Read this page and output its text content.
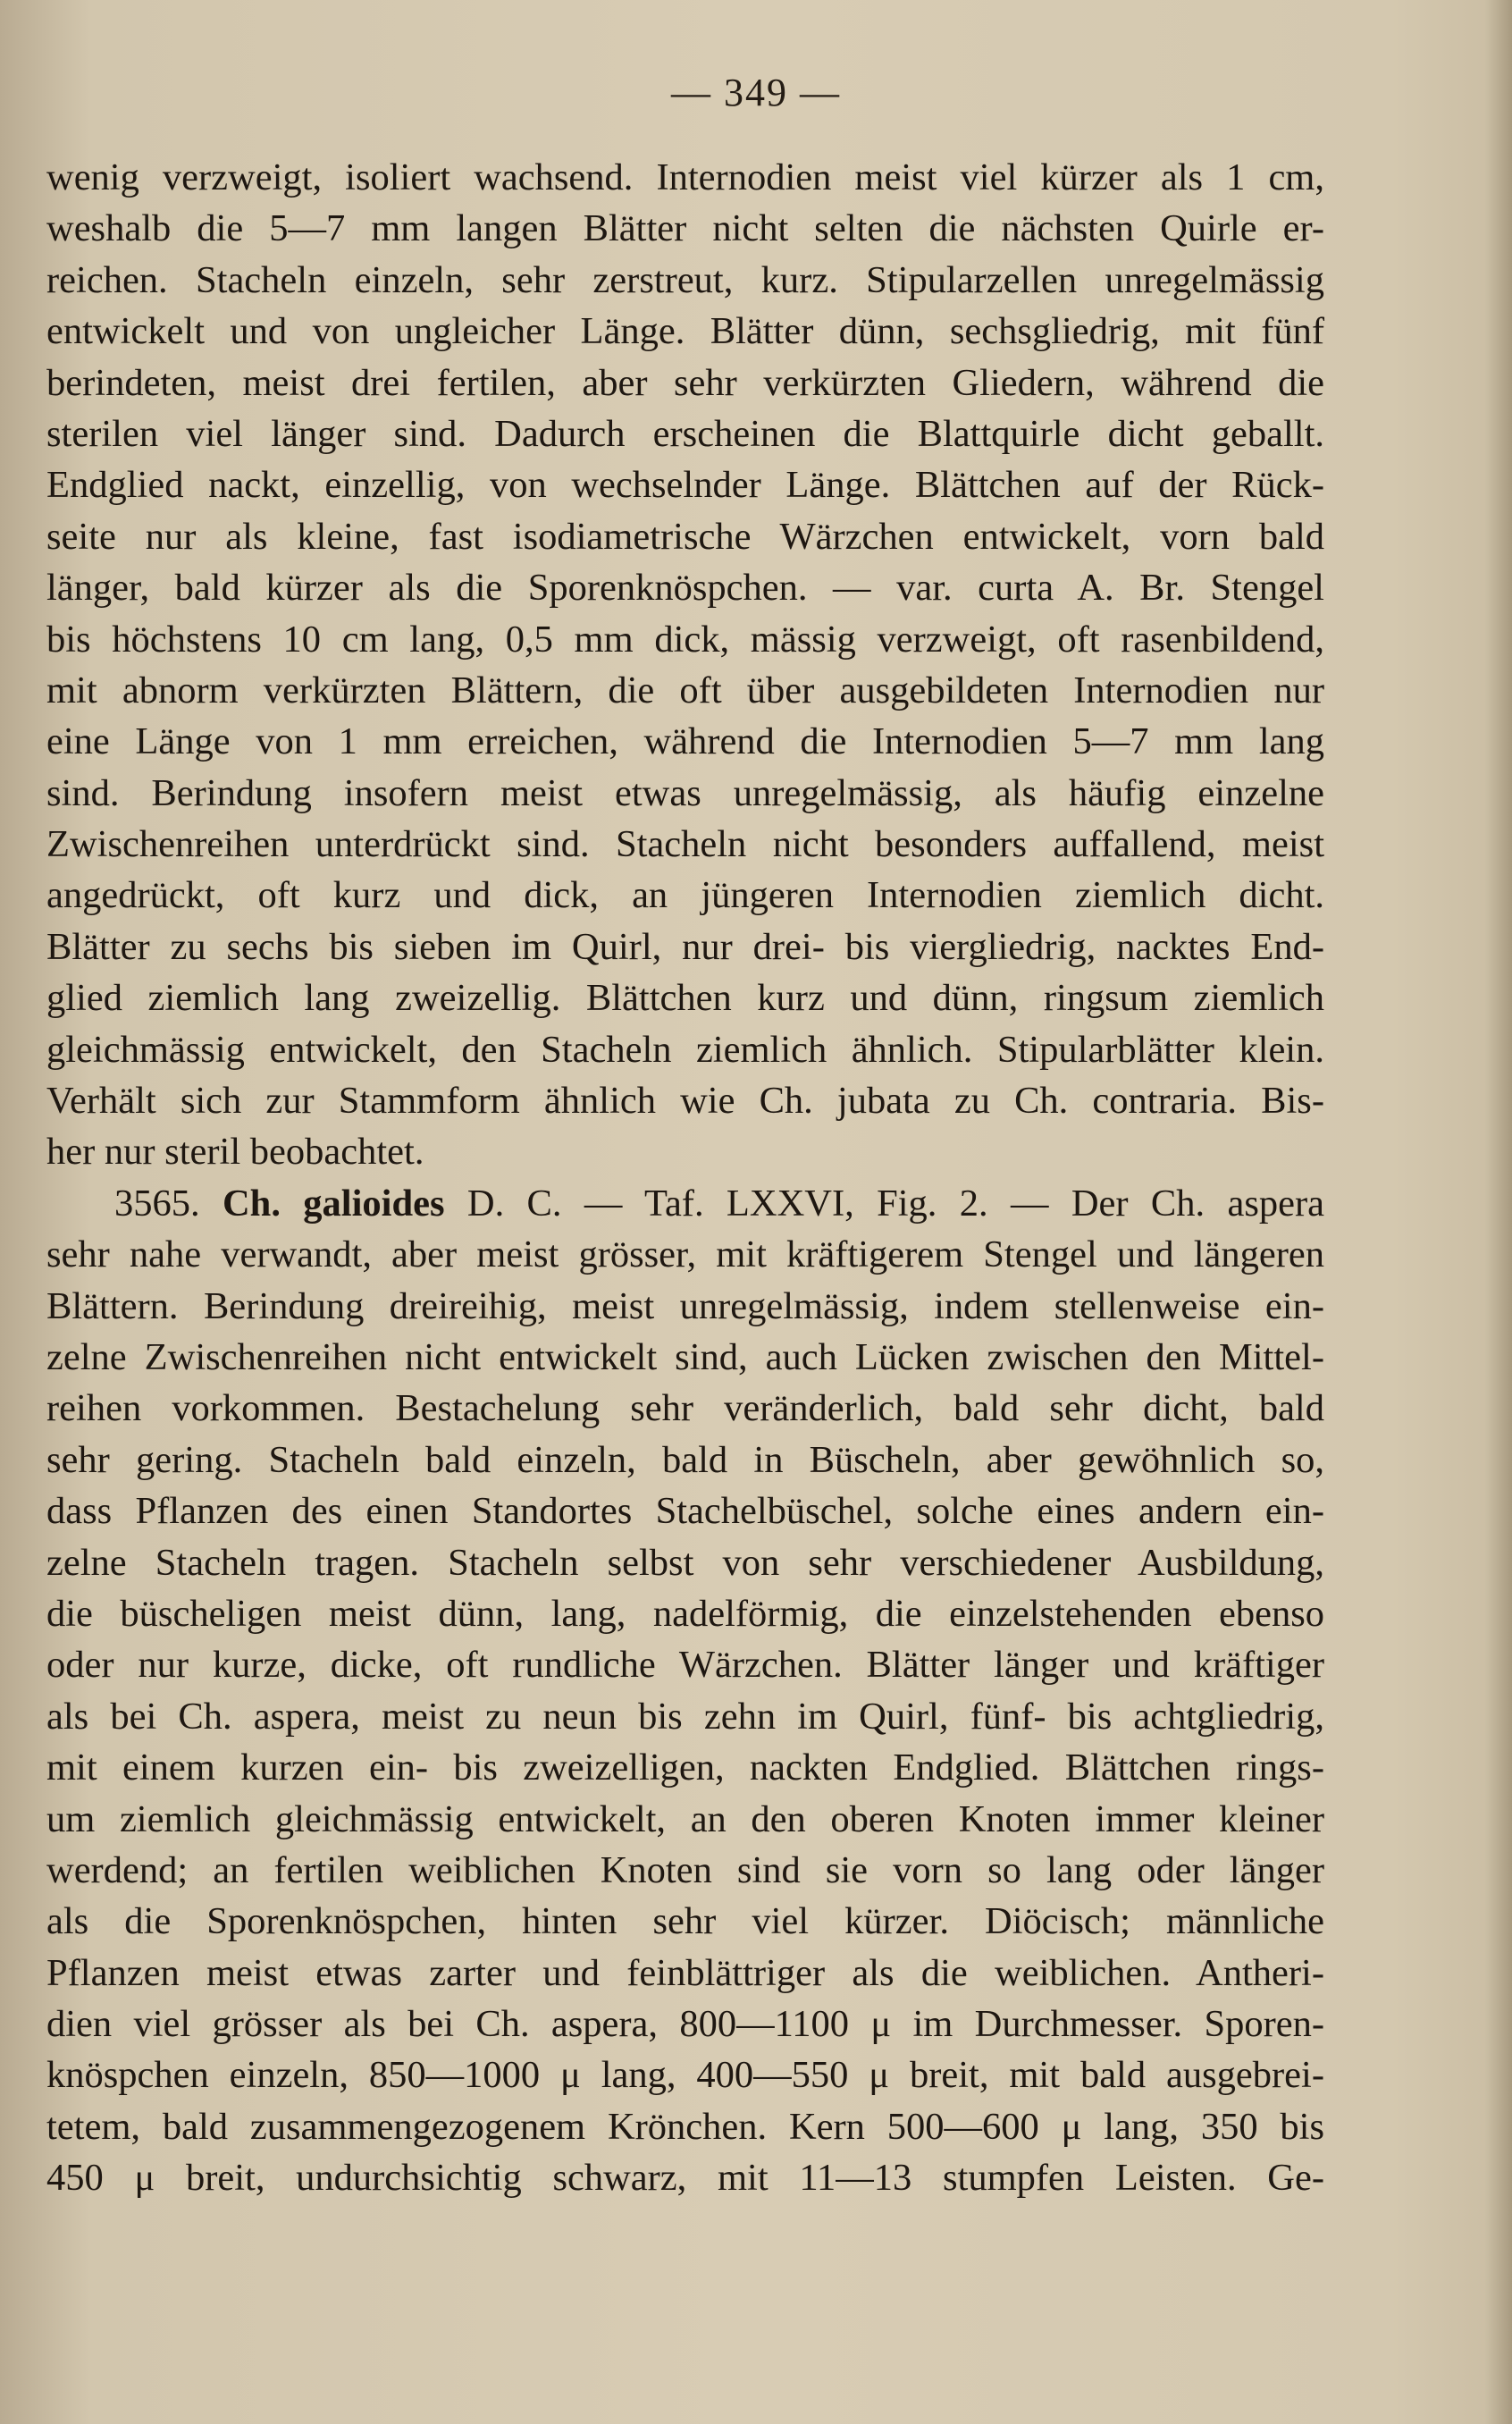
— 349 —
wenig verzweigt, isoliert wachsend. Internodien meist viel kürzer als 1 cm,
weshalb die 5—7 mm langen Blätter nicht selten die nächsten Quirle er-
reichen. Stacheln einzeln, sehr zerstreut, kurz. Stipularzellen unregelmässig
entwickelt und von ungleicher Länge. Blätter dünn, sechsgliedrig, mit fünf
berindeten, meist drei fertilen, aber sehr verkürzten Gliedern, während die
sterilen viel länger sind. Dadurch erscheinen die Blattquirle dicht geballt.
Endglied nackt, einzellig, von wechselnder Länge. Blättchen auf der Rück-
seite nur als kleine, fast isodiametrische Wärzchen entwickelt, vorn bald
länger, bald kürzer als die Sporenknöspchen. — var. curta A. Br. Stengel
bis höchstens 10 cm lang, 0,5 mm dick, mässig verzweigt, oft rasenbildend,
mit abnorm verkürzten Blättern, die oft über ausgebildeten Internodien nur
eine Länge von 1 mm erreichen, während die Internodien 5—7 mm lang
sind. Berindung insofern meist etwas unregelmässig, als häufig einzelne
Zwischenreihen unterdrückt sind. Stacheln nicht besonders auffallend, meist
angedrückt, oft kurz und dick, an jüngeren Internodien ziemlich dicht.
Blätter zu sechs bis sieben im Quirl, nur drei- bis viergliedrig, nacktes End-
glied ziemlich lang zweizellig. Blättchen kurz und dünn, ringsum ziemlich
gleichmässig entwickelt, den Stacheln ziemlich ähnlich. Stipularblätter klein.
Verhält sich zur Stammform ähnlich wie Ch. jubata zu Ch. contraria. Bis-
her nur steril beobachtet.
3565. Ch. galioides D. C. — Taf. LXXVI, Fig. 2. — Der Ch. aspera
sehr nahe verwandt, aber meist grösser, mit kräftigerem Stengel und längeren
Blättern. Berindung dreireihig, meist unregelmässig, indem stellenweise ein-
zelne Zwischenreihen nicht entwickelt sind, auch Lücken zwischen den Mittel-
reihen vorkommen. Bestachelung sehr veränderlich, bald sehr dicht, bald
sehr gering. Stacheln bald einzeln, bald in Büscheln, aber gewöhnlich so,
dass Pflanzen des einen Standortes Stachelbüschel, solche eines andern ein-
zelne Stacheln tragen. Stacheln selbst von sehr verschiedener Ausbildung,
die büscheligen meist dünn, lang, nadelförmig, die einzelstehenden ebenso
oder nur kurze, dicke, oft rundliche Wärzchen. Blätter länger und kräftiger
als bei Ch. aspera, meist zu neun bis zehn im Quirl, fünf- bis achtgliedrig,
mit einem kurzen ein- bis zweizelligen, nackten Endglied. Blättchen rings-
um ziemlich gleichmässig entwickelt, an den oberen Knoten immer kleiner
werdend; an fertilen weiblichen Knoten sind sie vorn so lang oder länger
als die Sporenknöspchen, hinten sehr viel kürzer. Diöcisch; männliche
Pflanzen meist etwas zarter und feinblättriger als die weiblichen. Antheri-
dien viel grösser als bei Ch. aspera, 800—1100 μ im Durchmesser. Sporen-
knöspchen einzeln, 850—1000 μ lang, 400—550 μ breit, mit bald ausgebrei-
tetem, bald zusammengezogenem Krönchen. Kern 500—600 μ lang, 350 bis
450 μ breit, undurchsichtig schwarz, mit 11—13 stumpfen Leisten. Ge-
